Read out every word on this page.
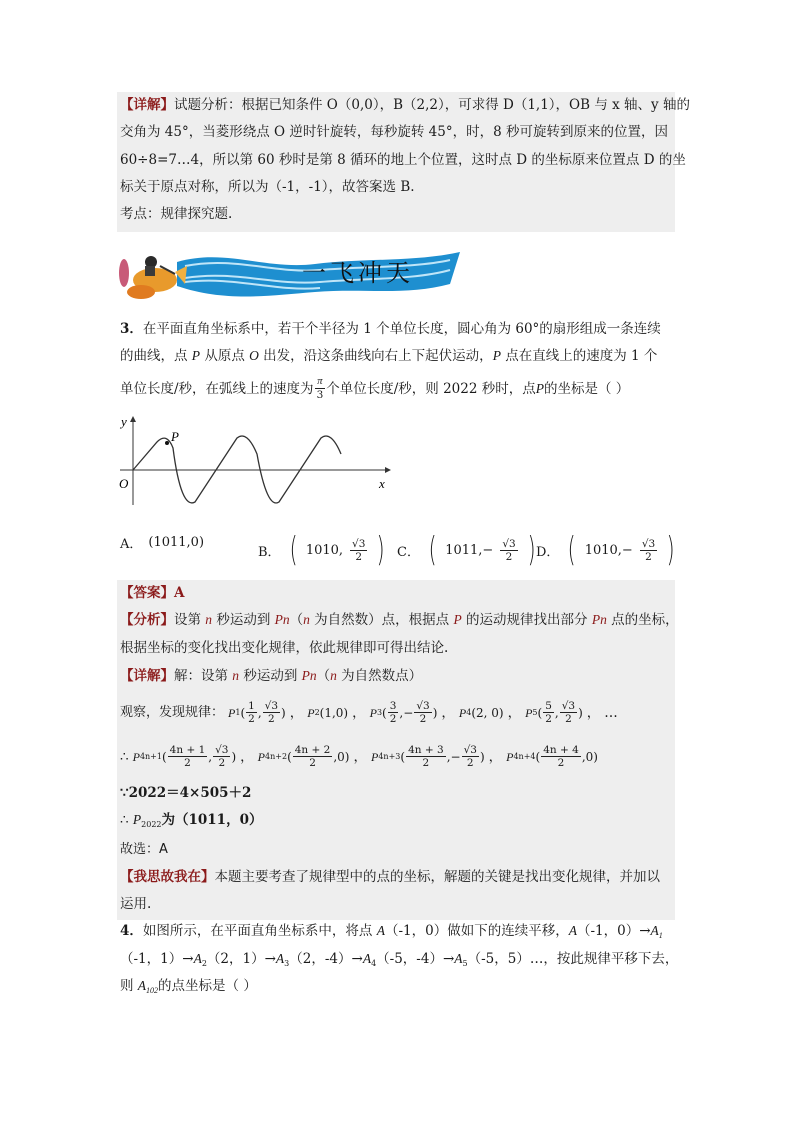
【详解】试题分析：根据已知条件 O（0,0），B（2,2），可求得 D（1,1），OB 与 x 轴、y 轴的
交角为 45°，当菱形绕点 O 逆时针旋转，每秒旋转 45°，时，8 秒可旋转到原来的位置，因
60÷8=7…4，所以第 60 秒时是第 8 循环的地上个位置，这时点 D 的坐标原来位置点 D 的坐
标关于原点对称，所以为（-1，-1），故答案选 B.
考点：规律探究题.
一飞冲天
3．在平面直角坐标系中，若干个半径为 1 个单位长度，圆心角为 60°的扇形组成一条连续
的曲线，点 P 从原点 O 出发，沿这条曲线向右上下起伏运动，P 点在直线上的速度为 1 个
单位长度/秒，在弧线上的速度为 $\frac{\pi}{3}$ 个单位长度/秒，则 2022 秒时，点 P 的坐标是（ ）
y
x
O
P
A． (1011,0)
B． ( 1010, $\frac{√3}{2}$ ) C． ( $1011,- \frac{√3}{2}$ ) D． ( $1010,- \frac{√3}{2}$ )
【答案】A
【分析】设第 n 秒运动到 Pn（n 为自然数）点，根据点 P 的运动规律找出部分 Pn 点的坐标，
根据坐标的变化找出变化规律，依此规律即可得出结论.
【详解】解：设第 n 秒运动到 Pn（n 为自然数点）
观察，发现规律： P 1 ( $\frac{1}{2}$ , $\frac{√3}{2}$ ) ， P 2 (1,0) ， P 3 ( $\frac{3}{2}$ , − $\frac{√3}{2}$ ) ， P 4 (2, 0) ， P 5 ( $\frac{5}{2}$ , $\frac{√3}{2}$ ) ， …
∴ P 4n+1 ( $\frac{4n + 1}{2}$ , $\frac{√3}{2}$ ) ， P 4n+2 ( $\frac{4n + 2}{2} ,0$) ， P 4n+3 ( $\frac{4n + 3}{2}$ ,− $\frac{√3}{2}$ ) ， P 4n+4 ( $\frac{4n + 4}{2} ,0$)
∵2022＝4×505＋2
∴ $P_{2022}$为（1011，0）
故选：A
【我思故我在】本题主要考查了规律型中的点的坐标，解题的关键是找出变化规律，并加以
运用.
4．如图所示，在平面直角坐标系中，将点 A（-1，0）做如下的连续平移，A（-1，$0)\to A_1$
（-1，$1)\to A_2(2$，$1)\to A_3(2$，$-4)\to A_4(-5$，$-4)\to A_5(-5$，5）…，按此规律平移下去，
则 $A_{102}$的点坐标是（ ）
